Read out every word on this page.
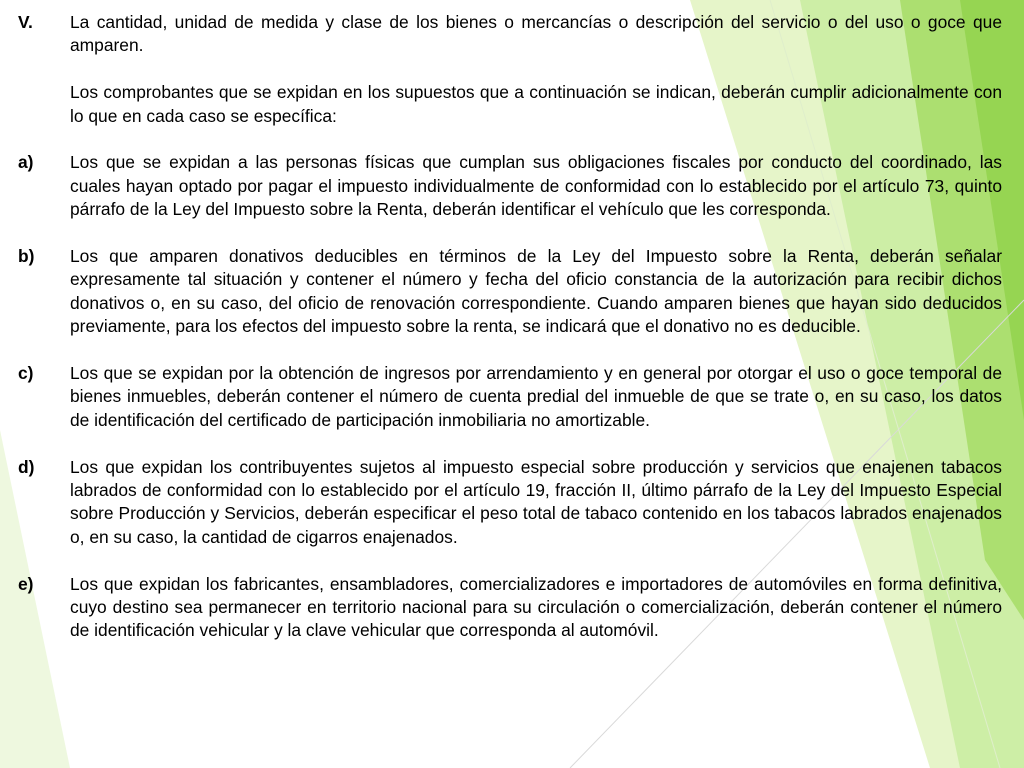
V.	La cantidad, unidad de medida y clase de los bienes o mercancías o descripción del servicio o del uso o goce que amparen.
Los comprobantes que se expidan en los supuestos que a continuación se indican, deberán cumplir adicionalmente con lo que en cada caso se específica:
a)	Los que se expidan a las personas físicas que cumplan sus obligaciones fiscales por conducto del coordinado, las cuales hayan optado por pagar el impuesto individualmente de conformidad con lo establecido por el artículo 73, quinto párrafo de la Ley del Impuesto sobre la Renta, deberán identificar el vehículo que les corresponda.
b)	Los que amparen donativos deducibles en términos de la Ley del Impuesto sobre la Renta, deberán señalar expresamente tal situación y contener el número y fecha del oficio constancia de la autorización para recibir dichos donativos o, en su caso, del oficio de renovación correspondiente. Cuando amparen bienes que hayan sido deducidos previamente, para los efectos del impuesto sobre la renta, se indicará que el donativo no es deducible.
c)	Los que se expidan por la obtención de ingresos por arrendamiento y en general por otorgar el uso o goce temporal de bienes inmuebles, deberán contener el número de cuenta predial del inmueble de que se trate o, en su caso, los datos de identificación del certificado de participación inmobiliaria no amortizable.
d)	Los que expidan los contribuyentes sujetos al impuesto especial sobre producción y servicios que enajenen tabacos labrados de conformidad con lo establecido por el artículo 19, fracción II, último párrafo de la Ley del Impuesto Especial sobre Producción y Servicios, deberán especificar el peso total de tabaco contenido en los tabacos labrados enajenados o, en su caso, la cantidad de cigarros enajenados.
e)	Los que expidan los fabricantes, ensambladores, comercializadores e importadores de automóviles en forma definitiva, cuyo destino sea permanecer en territorio nacional para su circulación o comercialización, deberán contener el número de identificación vehicular y la clave vehicular que corresponda al automóvil.
